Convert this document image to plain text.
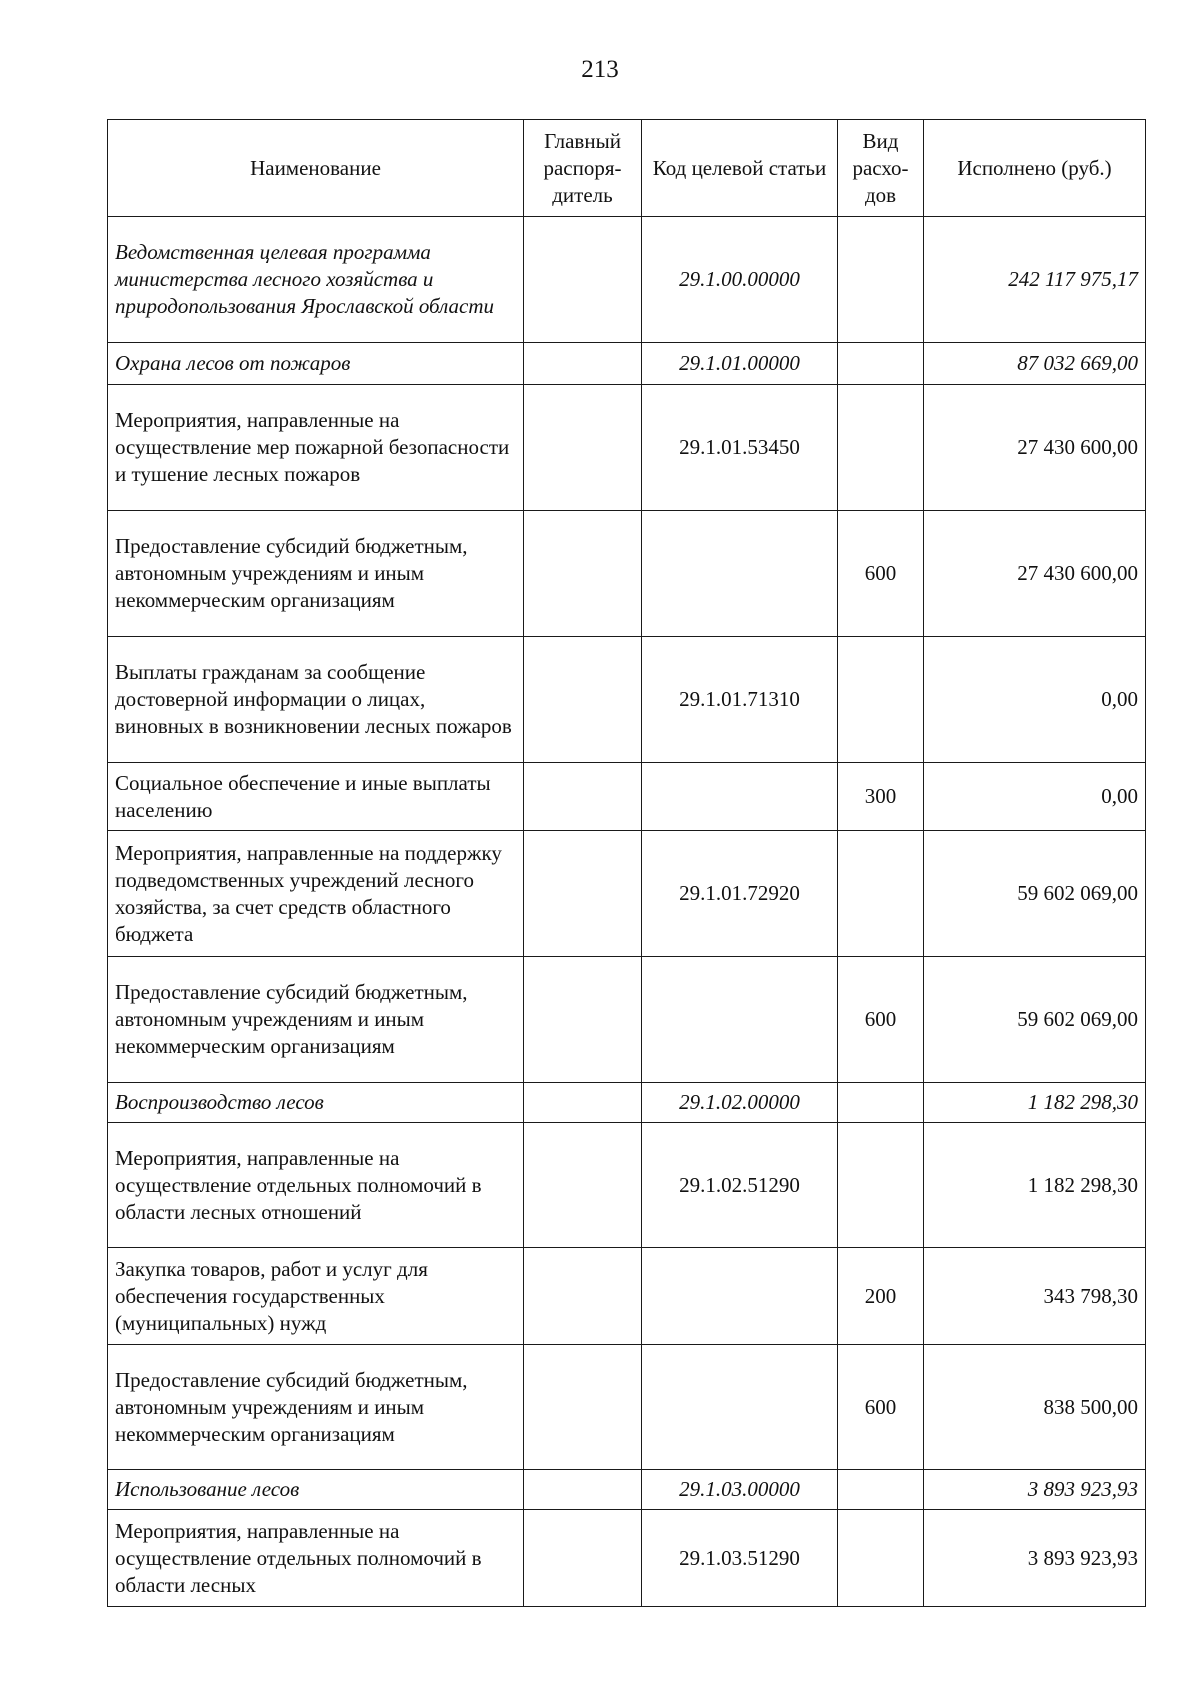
213
Наименование	Главный распоря-дитель	Код целевой статьи	Вид расхо-дов	Исполнено (руб.)
Ведомственная целевая программа министерства лесного хозяйства и природопользования Ярославской области		29.1.00.00000		242 117 975,17
Охрана лесов от пожаров		29.1.01.00000		87 032 669,00
Мероприятия, направленные на осуществление мер пожарной безопасности и тушение лесных пожаров		29.1.01.53450		27 430 600,00
Предоставление субсидий бюджетным, автономным учреждениям и иным некоммерческим организациям			600	27 430 600,00
Выплаты гражданам за сообщение достоверной информации о лицах, виновных в возникновении лесных пожаров		29.1.01.71310		0,00
Социальное обеспечение и иные выплаты населению			300	0,00
Мероприятия, направленные на поддержку подведомственных учреждений лесного хозяйства, за счет средств областного бюджета		29.1.01.72920		59 602 069,00
Предоставление субсидий бюджетным, автономным учреждениям и иным некоммерческим организациям			600	59 602 069,00
Воспроизводство лесов		29.1.02.00000		1 182 298,30
Мероприятия, направленные на осуществление отдельных полномочий в области лесных отношений		29.1.02.51290		1 182 298,30
Закупка товаров, работ и услуг для обеспечения государственных (муниципальных) нужд			200	343 798,30
Предоставление субсидий бюджетным, автономным учреждениям и иным некоммерческим организациям			600	838 500,00
Использование лесов		29.1.03.00000		3 893 923,93
Мероприятия, направленные на осуществление отдельных полномочий в области лесных		29.1.03.51290		3 893 923,93
